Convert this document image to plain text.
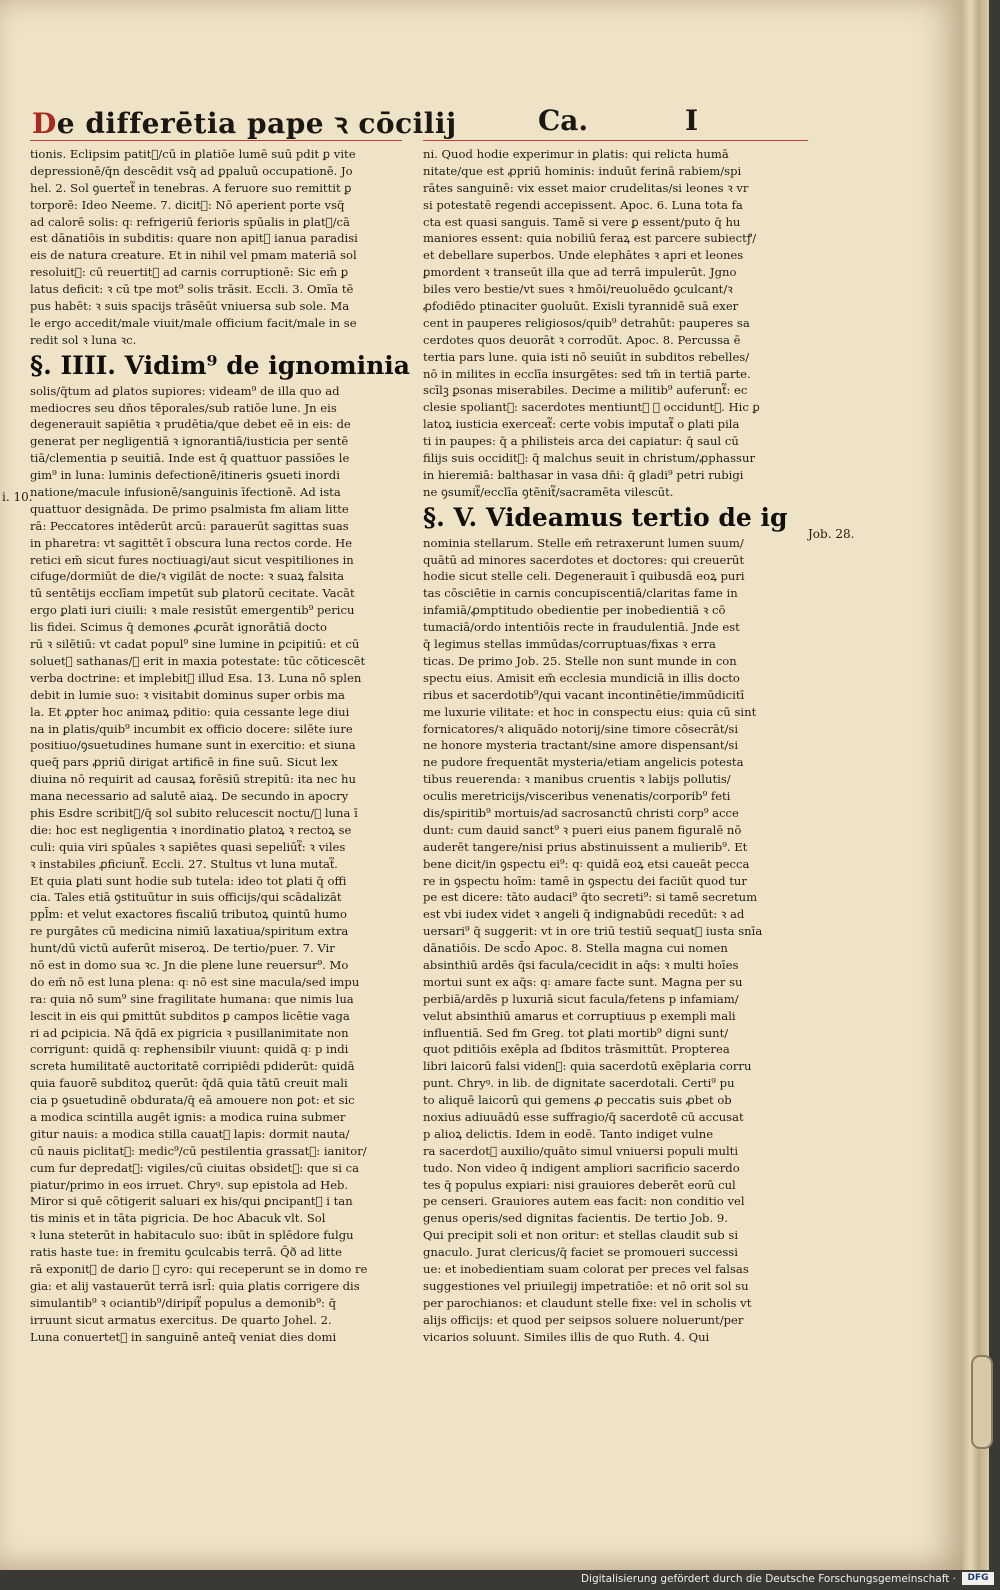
De differētia pape ꝛ cōcilij	Ca.	I
tionis. Eclipsim patit᷑/cū in ꝑlatiōe lumē suū pdit ꝑ vite
depressionē/q̄n descēdit vsq̄ ad ꝑpaluū occupationē. Jo
hel. 2. Sol ꝯuertet᷑ in tenebras. A feruore suo remittit ꝑ
torporē: Ideo Neeme. 7. dicit᷑: Nō aperient porte vsq̄
ad calorē solis: q꞉ refrigeriū ferioris spūalis in ꝑlat᷑/cā
est dānatiōis in subditis: quare non apit᷑ ianua paradisi
eis de natura creature. Et in nihil vel pmam materiā sol
resoluit᷑: cū reuertit᷑ ad carnis corruptionē: Sic em̄ ꝑ
latus deficit: ꝛ cū tpe mot⁹ solis trāsit. Eccli. 3. Omīa tē
pus habēt: ꝛ suis spacijs trāsēūt vniuersa sub sole. Ma
le ergo accedit/male viuit/male officium facit/male in se
redit sol ꝛ luna ꝛc.
§. IIII. Vidim⁹ de ignominia
solis/q̄tum ad ꝑlatos supiores: videam⁹ de illa quo ad
mediocres seu dn̄os tēporales/sub ratiōe lune. Jn eis
degenerauit sapiētia ꝛ prudētia/que debet eē in eis: de
generat per negligentiā ꝛ ignorantiā/iusticia per sentē
tiā/clementia p seuitiā. Inde est q̄ quattuor passiōes le
gim⁹ in luna: luminis defectionē/itineris ꝯsueti inordi
natione/macule infusionē/sanguinis īfectionē. Ad ista
quattuor designāda. De primo psalmista fm aliam litte
rā: Peccatores intēderūt arcū: parauerūt sagittas suas
in pharetra: vt sagittēt ī obscura luna rectos corde. He
retici em̄ sicut fures noctiuagi/aut sicut vespitiliones in
cifuge/dormiūt de die/ꝛ vigilāt de nocte: ꝛ suaꝝ falsita
tū sentētijs ecclīam impetūt sub ꝑlatorū cecitate. Vacāt
ergo ꝑlati iuri ciuili: ꝛ male resistūt emergentib⁹ pericu
lis fidei. Scimus q̄ demones ꝓcurāt ignorātiā docto
rū ꝛ silētiū: vt cadat popul⁹ sine lumine in ꝑcipitiū: et cū
soluet᷑ sathanas/ꝛ erit in maxia potestate: tūc cōticescēt
verba doctrine: et implebit᷑ illud Esa. 13. Luna nō splen
debit in lumie suo: ꝛ visitabit dominus super orbis ma
la. Et ꝓpter hoc animaꝝ pditio: quia cessante lege diui
na in ꝑlatis/quib⁹ incumbit ex officio docere: silēte iure
positiuo/ꝯsuetudines humane sunt in exercitio: et siuna
queq̄ pars ꝓpriū dirigat artificē in fine suū. Sicut lex
diuina nō requirit ad causaꝝ forēsiū strepitū: ita nec hu
mana necessario ad salutē aiaꝝ. De secundo in apocry
phis Esdre scribit᷑/q̄ sol subito relucescit noctu/ꝛ luna ī
die: hoc est negligentia ꝛ inordinatio ꝑlatoꝝ ꝛ rectoꝝ se
culi: quia viri spūales ꝛ sapiētes quasi sepeliūt᷑: ꝛ viles
ꝛ instabiles ꝓficiunt᷑. Eccli. 27. Stultus vt luna mutat᷑.
Et quia ꝑlati sunt hodie sub tutela: ideo tot ꝑlati q̄ offi
cia. Tales etiā ꝯstituūtur in suis officijs/qui scādalizāt
ppl̄m: et velut exactores fiscaliū tributoꝝ quintū humo
re purgātes cū medicina nimiū laxatiua/spiritum extra
hunt/dū victū auferūt miseroꝝ. De tertio/puer. 7. Vir
nō est in domo sua ꝛc. Jn die plene lune reuersur⁹. Mo
do em̄ nō est luna plena: q꞉ nō est sine macula/sed impu
ra: quia nō sum⁹ sine fragilitate humana: que nimis lua
lescit in eis qui ꝑmittūt subditos ꝑ campos licētie vaga
ri ad ꝑcipicia. Nā q̄dā ex pigricia ꝛ pusillanimitate non
corrigunt: quidā q꞉ reꝑhensibilr viuunt: quidā q꞉ p indi
screta humilitatē auctoritatē corripiēdi pdiderūt: quidā
quia fauorē subditoꝝ querūt: q̄dā quia tātū creuit mali
cia p ꝯsuetudinē obdurata/q̄ eā amouere non ꝑot: et sic
a modica scintilla augēt ignis: a modica ruina submer
gitur nauis: a modica stilla cauat᷑ lapis: dormit nauta/
cū nauis piclitat᷑: medic⁹/cū pestilentia grassat᷑: ianitor/
cum fur depredat᷑: vigiles/cū ciuitas obsidet᷑: que si ca
piatur/primo in eos irruet. Chryꝰ. sup epistola ad Heb.
Miror si quē cōtigerit saluari ex his/qui ꝑncipant᷑ i tan
tis minis et in tāta pigricia. De hoc Abacuk vlt. Sol
ꝛ luna steterūt in habitaculo suo: ibūt in splēdore fulgu
ratis haste tue: in fremitu ꝯculcabis terrā. Q̄ð ad litte
rā exponit᷑ de dario ꝛ cyro: qui receperunt se in domo re
gia: et alij vastauerūt terrā isrl̄: quia ꝑlatis corrigere dis
simulantib⁹ ꝛ ociantib⁹/diripit᷑ populus a demonib⁹: q̄
irruunt sicut armatus exercitus. De quarto Johel. 2.
Luna conuertet᷑ in sanguinē anteq̄ veniat dies domi
ni. Quod hodie experimur in ꝑlatis: qui relicta humā
nitate/que est ꝓpriū hominis: induūt ferinā rabiem/spi
rātes sanguinē: vix esset maior crudelitas/si leones ꝛ vr
si potestatē regendi accepissent. Apoc. 6. Luna tota fa
cta est quasi sanguis. Tamē si vere ꝑ essent/puto q̄ hu
maniores essent: quia nobiliū feraꝝ est parcere subiectꝭ/
et debellare superbos. Unde elephātes ꝛ apri et leones
ꝑmordent ꝛ transeūt illa que ad terrā impulerūt. Jgno
biles vero bestie/vt sues ꝛ hmōi/reuoluēdo ꝯculcant/ꝛ
ꝓfodiēdo ptinaciter ꝯuoluūt. Exisli tyrannidē suā exer
cent in pauperes religiosos/quib⁹ detrahūt: pauperes sa
cerdotes quos deuorāt ꝛ corrodūt. Apoc. 8. Percussa ē
tertia pars lune. quia isti nō seuiūt in subditos rebelles/
nō in milites in ecclīa insurgētes: sed tm̄ in tertiā parte.
scīlꝫ ꝑsonas miserabiles. Decime a militib⁹ auferunt᷑: ec
clesie spoliant᷑: sacerdotes mentiunt᷑ ꝛ occidunt᷑. Hic ꝑ
latoꝝ iusticia exerceat᷑: certe vobis imputat᷑ o ꝑlati pila
ti in paupes: q̄ a philisteis arca dei capiatur: q̄ saul cū
filijs suis occidit᷑: q̄ malchus seuit in christum/ꝓphassur
in hieremiā: balthasar in vasa dn̄i: q̄ gladi⁹ petri rubigi
ne ꝯsumit᷑/ecclīa ꝯtēnit᷑/sacramēta vilescūt.
§. V. Videamus tertio de ig
nominia stellarum. Stelle em̄ retraxerunt lumen suum/
quātū ad minores sacerdotes et doctores: qui creuerūt
hodie sicut stelle celi. Degenerauit ī quibusdā eoꝝ puri
tas cōsciētie in carnis concupiscentiā/claritas fame in
infamiā/ꝓmptitudo obedientie per inobedientiā ꝛ cō
tumaciā/ordo intentiōis recte in fraudulentiā. Jnde est
q̄ legimus stellas immūdas/corruptuas/fixas ꝛ erra
ticas. De primo Job. 25. Stelle non sunt munde in con
spectu eius. Amisit em̄ ecclesia mundiciā in illis docto
ribus et sacerdotib⁹/qui vacant incontinētie/immūdicitī
me luxurie vilitate: et hoc in conspectu eius: quia cū sint
fornicatores/ꝛ aliquādo notorij/sine timore cōsecrāt/si
ne honore mysteria tractant/sine amore dispensant/si
ne pudore frequentāt mysteria/etiam angelicis potesta
tibus reuerenda: ꝛ manibus cruentis ꝛ labijs pollutis/
oculis meretricijs/visceribus venenatis/corporib⁹ feti
dis/spiritib⁹ mortuis/ad sacrosanctū christi corp⁹ acce
dunt: cum dauid sanct⁹ ꝛ pueri eius panem figuralē nō
auderēt tangere/nisi prius abstinuissent a mulierib⁹. Et
bene dicit/in ꝯspectu ei⁹: q꞉ quidā eoꝝ etsi caueāt pecca
re in ꝯspectu hoīm: tamē in ꝯspectu dei faciūt quod tur
pe est dicere: tāto audaci⁹ q̄to secreti⁹: si tamē secretum
est vbi iudex videt ꝛ angeli q̄ indignabūdi recedūt: ꝛ ad
uersari⁹ q̄ suggerit: vt in ore triū testiū sequat᷑ iusta snīa
dānatiōis. De scd̄o Apoc. 8. Stella magna cui nomen
absinthiū ardēs q̄si facula/cecidit in aq̄s: ꝛ multi hoīes
mortui sunt ex aq̄s: q꞉ amare facte sunt. Magna per su
perbiā/ardēs p luxuriā sicut facula/fetens p infamiam/
velut absinthiū amarus et corruptiuus p exempli mali
influentiā. Sed fm Greg. tot ꝑlati mortib⁹ digni sunt/
quot pditiōis exēpla ad ſbditos trāsmittūt. Propterea
libri laicorū falsi videnᷓ: quia sacerdotū exēplaria corru
punt. Chryꝰ. in lib. de dignitate sacerdotali. Certi⁹ pu
to aliquē laicorū qui gemens ꝓ peccatis suis ꝓbet ob
noxius adiuuādū esse suffragio/q̄ sacerdotē cū accusat
p alioꝝ delictis. Idem in eodē. Tanto indiget vulne
ra sacerdot᷑ auxilio/quāto simul vniuersi populi multi
tudo. Non video q̄ indigent ampliori sacrificio sacerdo
tes q̄ populus expiari: nisi grauiores deberēt eorū cul
pe censeri. Grauiores autem eas facit: non conditio vel
genus operis/sed dignitas facientis. De tertio Job. 9.
Qui precipit soli et non oritur: et stellas claudit sub si
gnaculo. Jurat clericus/q̄ faciet se promoueri successi
ue: et inobedientiam suam colorat per preces vel falsas
suggestiones vel priuilegij impetratiōe: et nō orit sol su
per parochianos: et claudunt stelle fixe: vel in scholis vt
alijs officijs: et quod per seipsos soluere noluerunt/per
vicarios soluunt. Similes illis de quo Ruth. 4. Qui
i. 10.
Job. 28.
Digitalisierung gefördert durch die Deutsche Forschungsgemeinschaft ·	DFG
